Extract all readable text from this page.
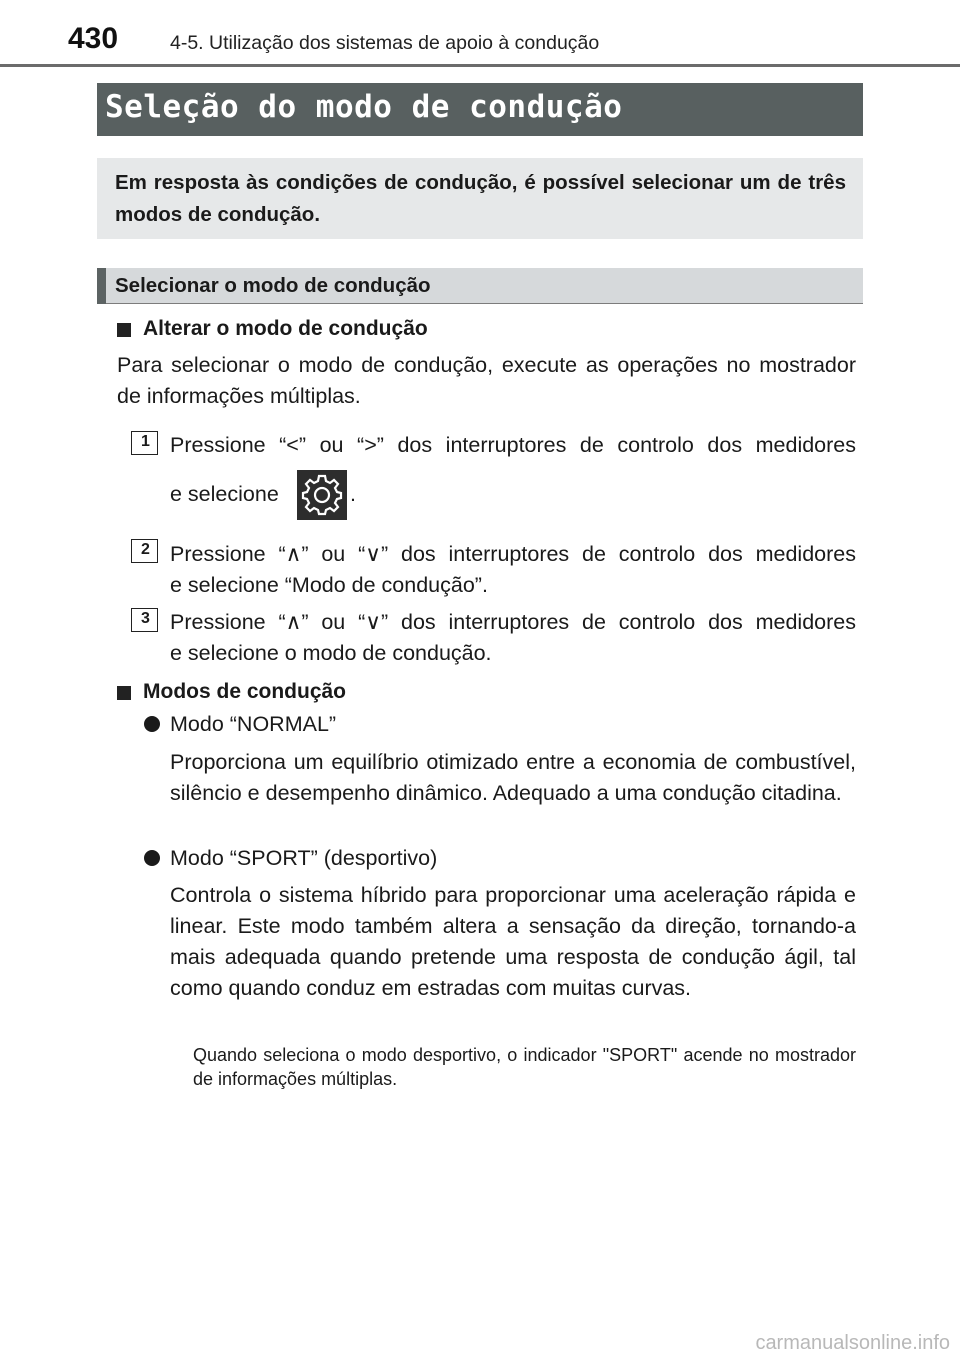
430	4-5. Utilização dos sistemas de apoio à condução
Seleção do modo de condução
Em resposta às condições de condução, é possível selecionar um de três modos de condução.
Selecionar o modo de condução
Alterar o modo de condução
Para selecionar o modo de condução, execute as operações no mostrador de informações múltiplas.
1 Pressione “<” ou “>” dos interruptores de controlo dos medidores
e selecione	.
2 Pressione “∧” ou “∨” dos interruptores de controlo dos medidores
e selecione “Modo de condução”.
3 Pressione “∧” ou “∨” dos interruptores de controlo dos medidores
e selecione o modo de condução.
Modos de condução
Modo “NORMAL”
Proporciona um equilíbrio otimizado entre a economia de combustível, silêncio e desempenho dinâmico. Adequado a uma condução citadina.
Modo “SPORT” (desportivo)
Controla o sistema híbrido para proporcionar uma aceleração rápida e linear. Este modo também altera a sensação da direção, tornando-a mais adequada quando pretende uma resposta de condução ágil, tal como quando conduz em estradas com muitas curvas.
Quando seleciona o modo desportivo, o indicador "SPORT" acende no mostrador de informações múltiplas.
carmanualsonline.info
